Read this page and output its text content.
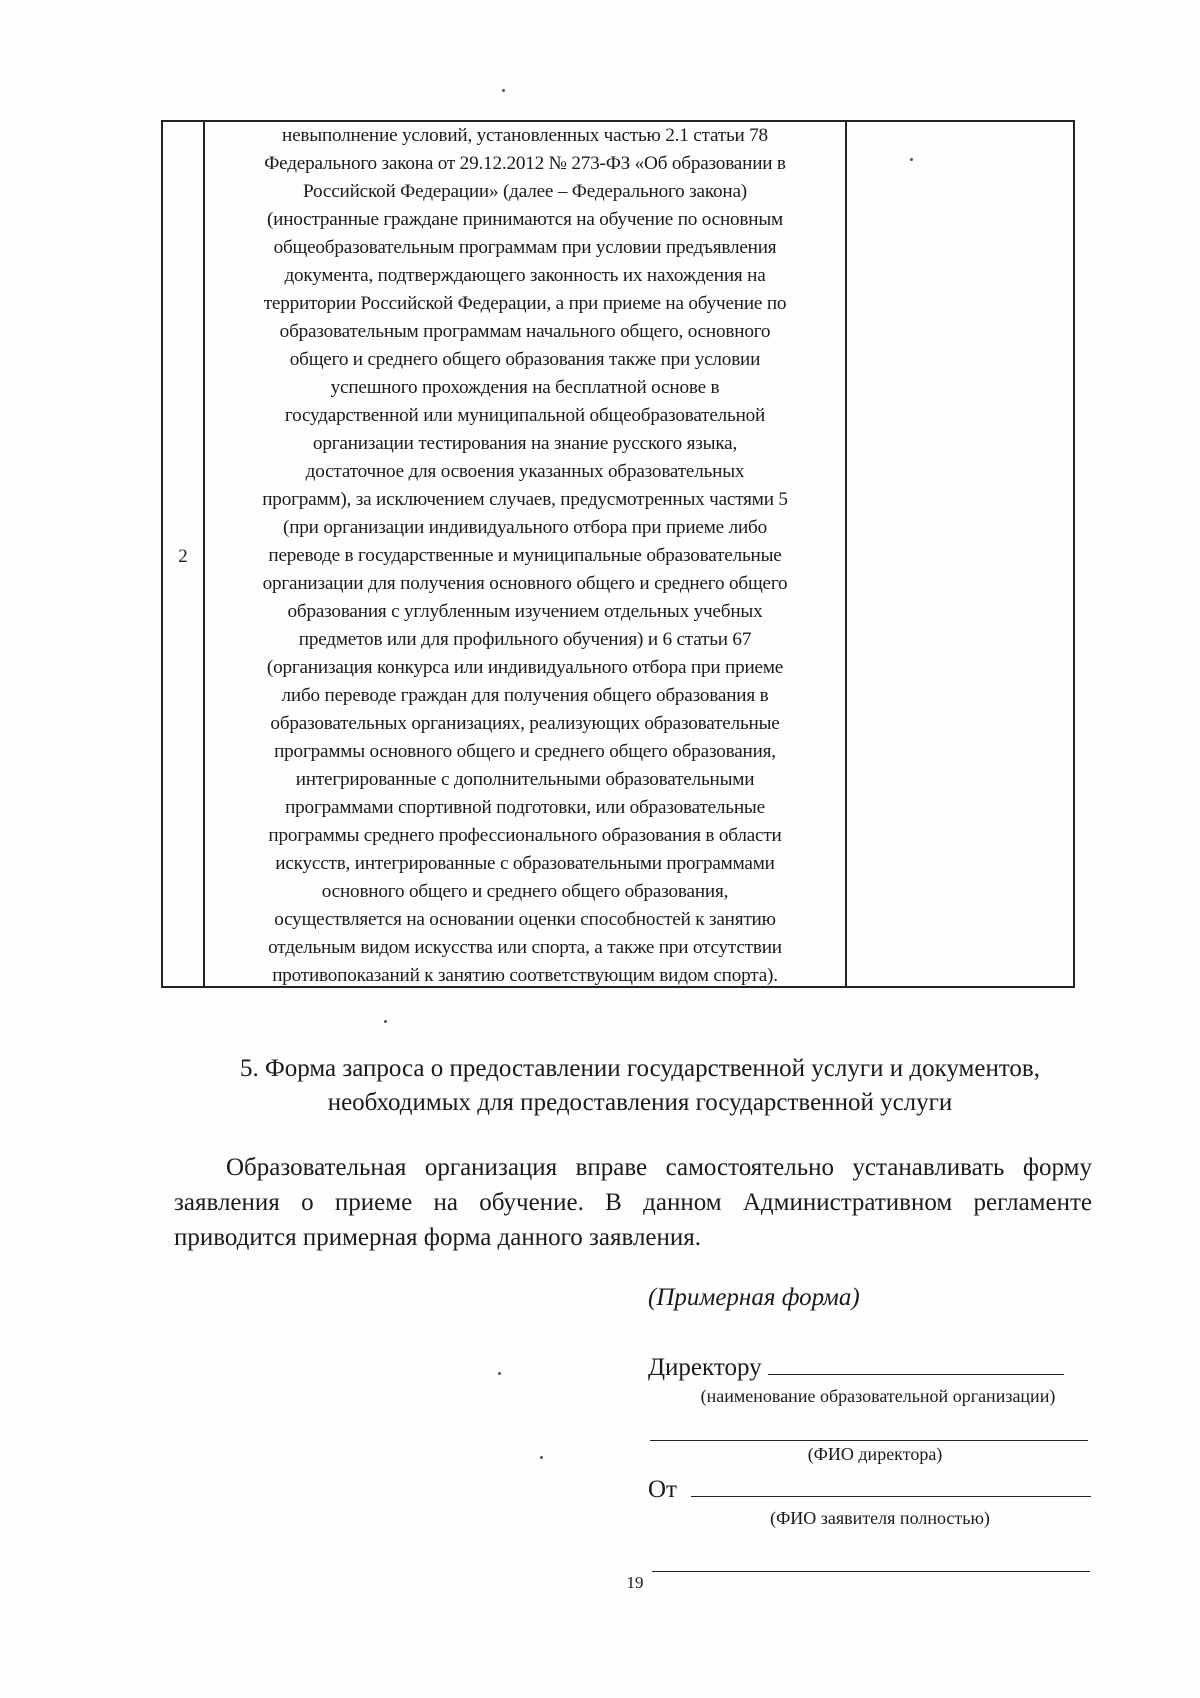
2
невыполнение условий, установленных частью 2.1 статьи 78
Федерального закона от 29.12.2012 № 273-ФЗ «Об образовании в
Российской Федерации» (далее – Федерального закона)
(иностранные граждане принимаются на обучение по основным
общеобразовательным программам при условии предъявления
документа, подтверждающего законность их нахождения на
территории Российской Федерации, а при приеме на обучение по
образовательным программам начального общего, основного
общего и среднего общего образования также при условии
успешного прохождения на бесплатной основе в
государственной или муниципальной общеобразовательной
организации тестирования на знание русского языка,
достаточное для освоения указанных образовательных
программ), за исключением случаев, предусмотренных частями 5
(при организации индивидуального отбора при приеме либо
переводе в государственные и муниципальные образовательные
организации для получения основного общего и среднего общего
образования с углубленным изучением отдельных учебных
предметов или для профильного обучения) и 6 статьи 67
(организация конкурса или индивидуального отбора при приеме
либо переводе граждан для получения общего образования в
образовательных организациях, реализующих образовательные
программы основного общего и среднего общего образования,
интегрированные с дополнительными образовательными
программами спортивной подготовки, или образовательные
программы среднего профессионального образования в области
искусств, интегрированные с образовательными программами
основного общего и среднего общего образования,
осуществляется на основании оценки способностей к занятию
отдельным видом искусства или спорта, а также при отсутствии
противопоказаний к занятию соответствующим видом спорта).
5. Форма запроса о предоставлении государственной услуги и документов,
необходимых для предоставления государственной услуги

Образовательная организация вправе самостоятельно устанавливать форму заявления о приеме на обучение. В данном Административном регламенте приводится примерная форма данного заявления.

(Примерная форма)
Директору
(наименование образовательной организации)
(ФИО директора)
От
(ФИО заявителя полностью)
19
